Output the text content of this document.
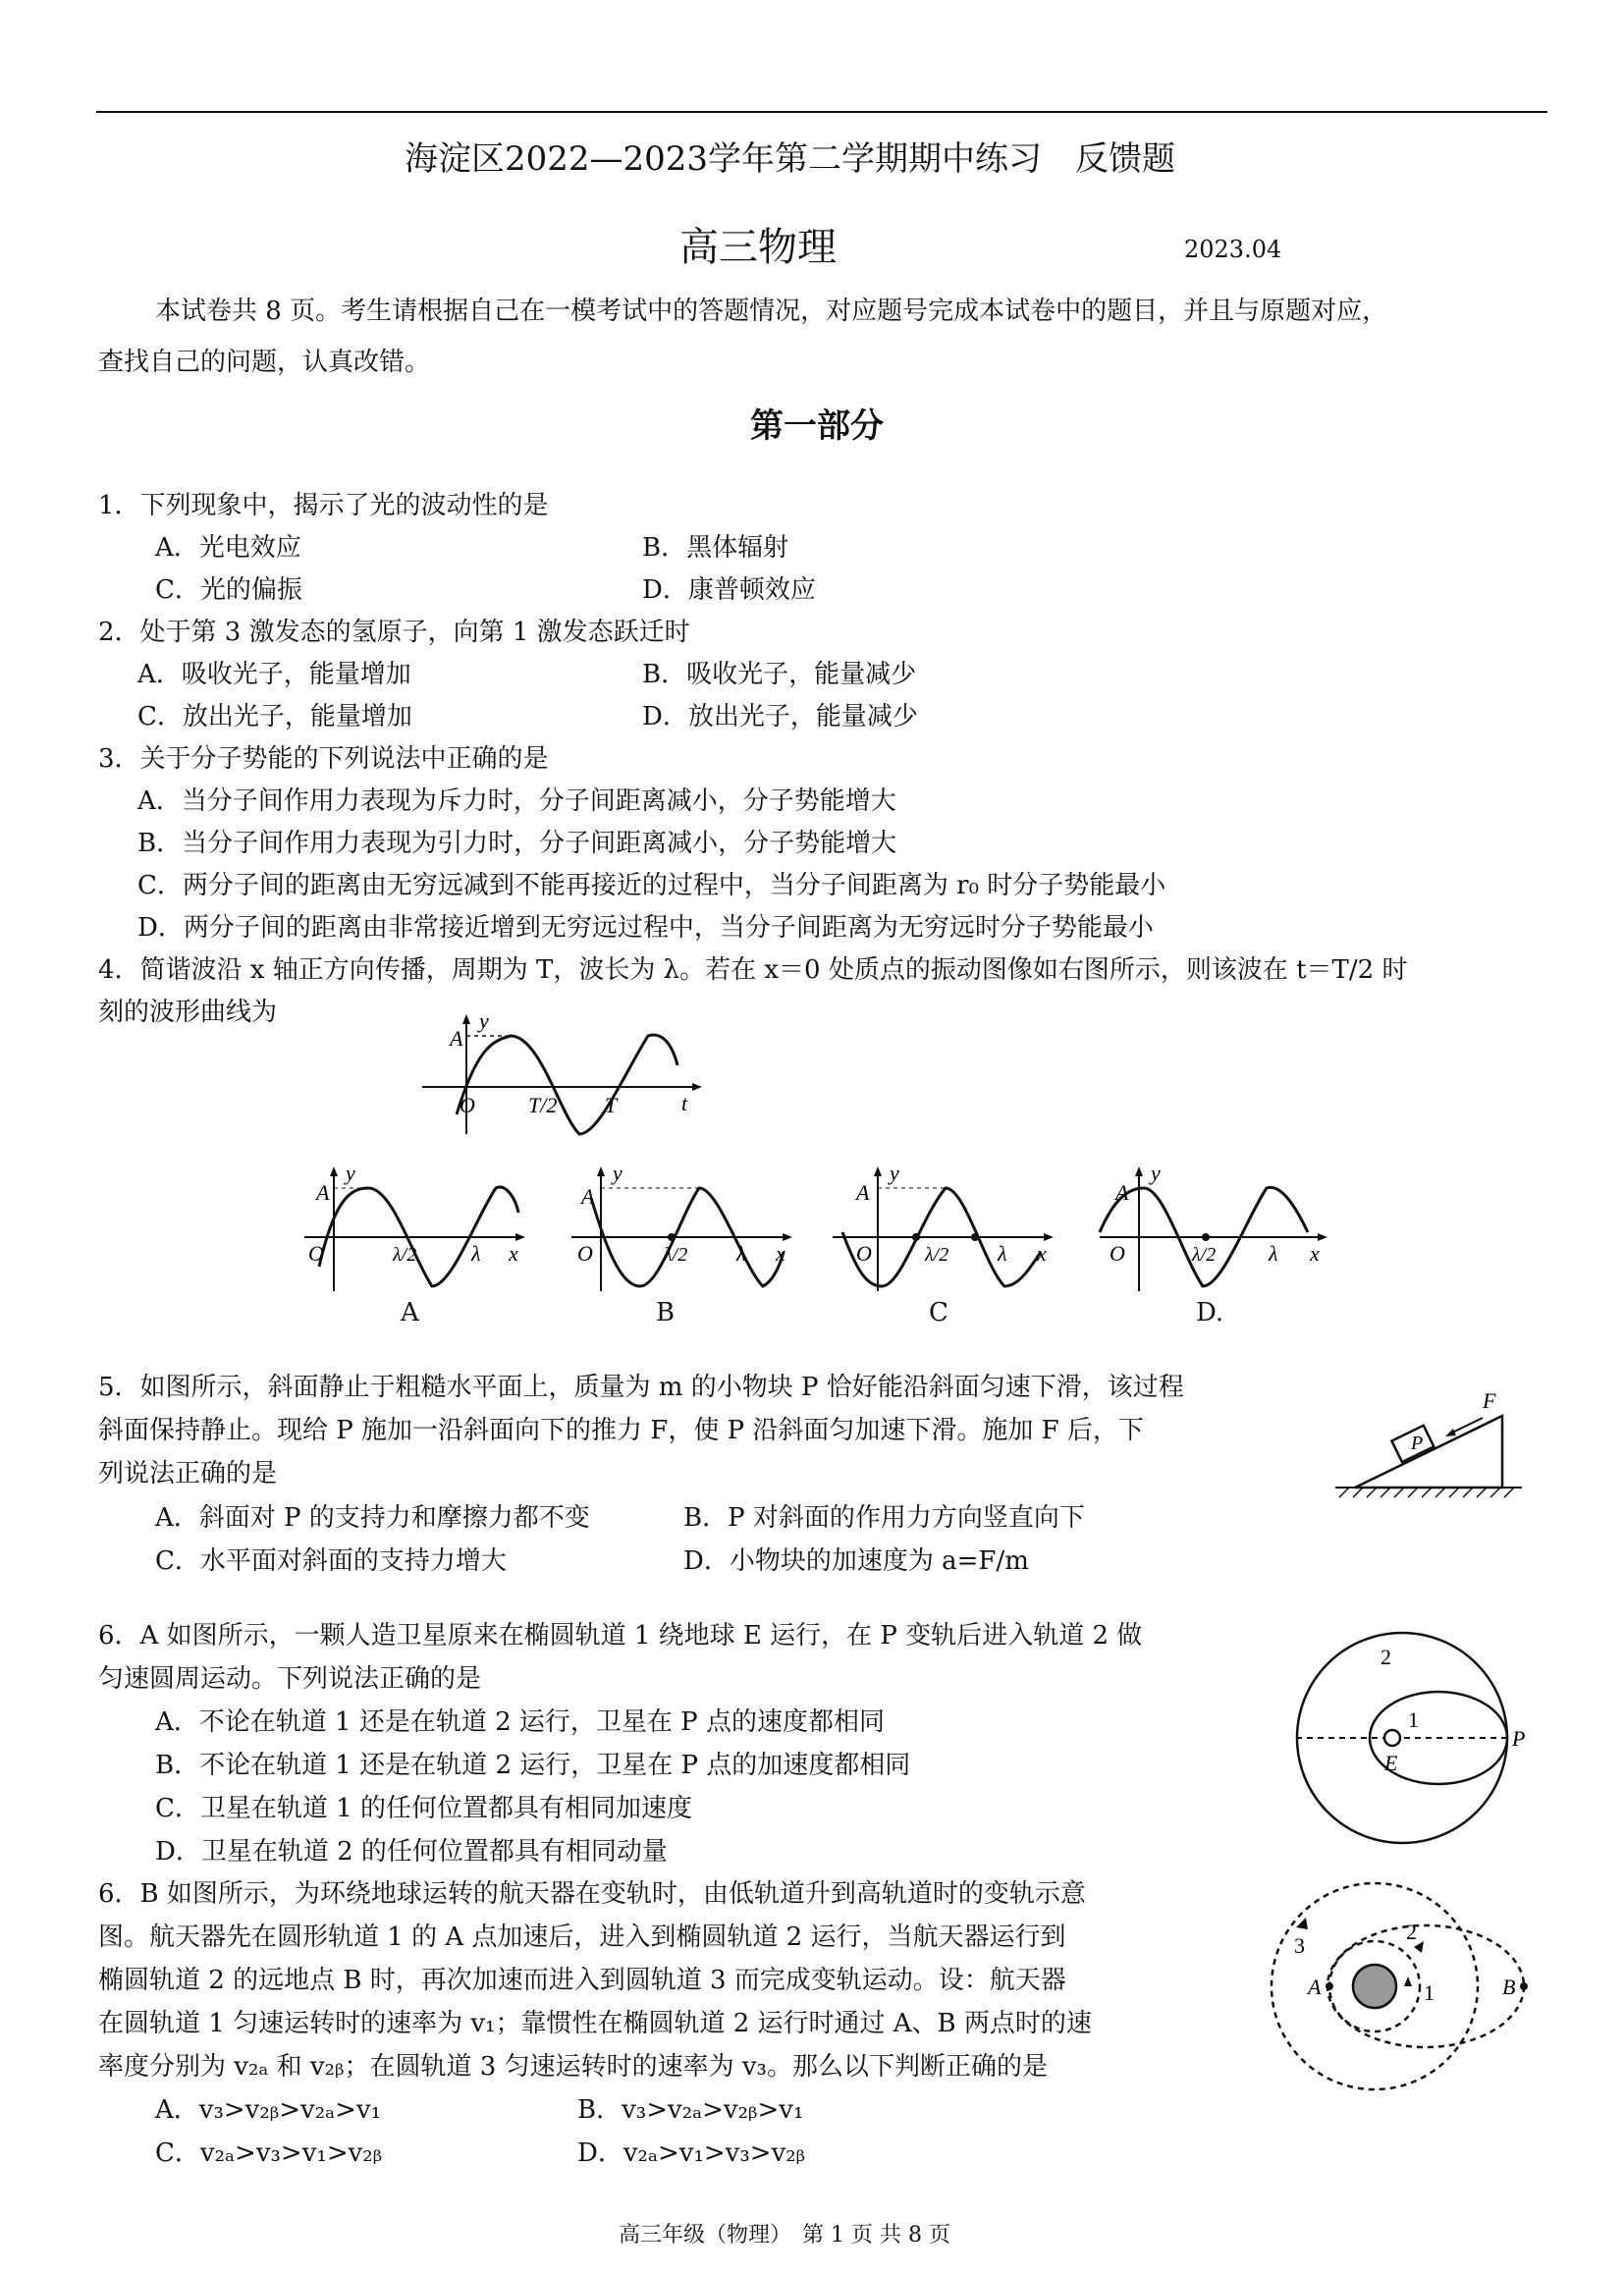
海淀区2022—2023学年第二学期期中练习　反馈题
高三物理	2023.04
本试卷共 8 页。考生请根据自己在一模考试中的答题情况，对应题号完成本试卷中的题目，并且与原题对应，
查找自己的问题，认真改错。
第一部分
1．下列现象中，揭示了光的波动性的是
A．光电效应	B．黑体辐射
C．光的偏振	D．康普顿效应
2．处于第 3 激发态的氢原子，向第 1 激发态跃迁时
A．吸收光子，能量增加	B．吸收光子，能量减少
C．放出光子，能量增加	D．放出光子，能量减少
3．关于分子势能的下列说法中正确的是
A．当分子间作用力表现为斥力时，分子间距离减小，分子势能增大
B．当分子间作用力表现为引力时，分子间距离减小，分子势能增大
C．两分子间的距离由无穷远减到不能再接近的过程中，当分子间距离为 r₀ 时分子势能最小
D．两分子间的距离由非常接近增到无穷远过程中，当分子间距离为无穷远时分子势能最小
4．简谐波沿 x 轴正方向传播，周期为 T，波长为 λ。若在 x＝0 处质点的振动图像如右图所示，则该波在 t＝T/2 时
刻的波形曲线为	y
A
O T/2 T	t
y
A
O	λ/2	λ x
A
y
A
O	λ/2 λ x
B
y
A
O	λ/2 λ x
C
y
A
O	λ/2 λ x
D.
5．如图所示，斜面静止于粗糙水平面上，质量为 m 的小物块 P 恰好能沿斜面匀速下滑，该过程
斜面保持静止。现给 P 施加一沿斜面向下的推力 F，使 P 沿斜面匀加速下滑。施加 F 后，下
列说法正确的是
A．斜面对 P 的支持力和摩擦力都不变	B．P 对斜面的作用力方向竖直向下
C．水平面对斜面的支持力增大	D．小物块的加速度为 a=F/m
P
F
6．A 如图所示，一颗人造卫星原来在椭圆轨道 1 绕地球 E 运行，在 P 变轨后进入轨道 2 做
匀速圆周运动。下列说法正确的是
A．不论在轨道 1 还是在轨道 2 运行，卫星在 P 点的速度都相同
B．不论在轨道 1 还是在轨道 2 运行，卫星在 P 点的加速度都相同
C．卫星在轨道 1 的任何位置都具有相同加速度
D．卫星在轨道 2 的任何位置都具有相同动量
E
1
2
P
6．B 如图所示，为环绕地球运转的航天器在变轨时，由低轨道升到高轨道时的变轨示意
图。航天器先在圆形轨道 1 的 A 点加速后，进入到椭圆轨道 2 运行，当航天器运行到
椭圆轨道 2 的远地点 B 时，再次加速而进入到圆轨道 3 而完成变轨运动。设：航天器
在圆轨道 1 匀速运转时的速率为 v₁；靠惯性在椭圆轨道 2 运行时通过 A、B 两点时的速
率度分别为 v₂ₐ 和 v₂ᵦ；在圆轨道 3 匀速运转时的速率为 v₃。那么以下判断正确的是
A．v₃>v₂ᵦ>v₂ₐ>v₁	B．v₃>v₂ₐ>v₂ᵦ>v₁
C．v₂ₐ>v₃>v₁>v₂ᵦ	D．v₂ₐ>v₁>v₃>v₂ᵦ
A	B
1
2
3
高三年级（物理）　第 1 页 共 8 页
